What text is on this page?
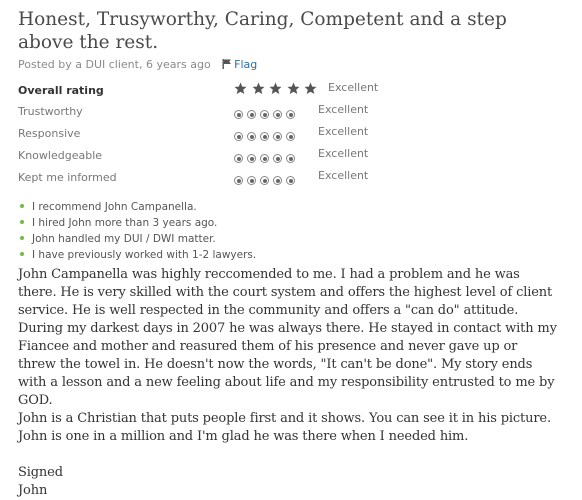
Honest, Trusyworthy, Caring, Competent and a step above the rest.
Posted by a DUI client, 6 years ago Flag
Overall rating	Excellent
Trustworthy	Excellent
Responsive	Excellent
Knowledgeable	Excellent
Kept me informed	Excellent
I recommend John Campanella.
I hired John more than 3 years ago.
John handled my DUI / DWI matter.
I have previously worked with 1-2 lawyers.

John Campanella was highly reccomended to me. I had a problem and he was there. He is very skilled with the court system and offers the highest level of client service. He is well respected in the community and offers a "can do" attitude. During my darkest days in 2007 he was always there. He stayed in contact with my Fiancee and mother and reasured them of his presence and never gave up or threw the towel in. He doesn't now the words, "It can't be done". My story ends with a lesson and a new feeling about life and my responsibility entrusted to me by GOD.

John is a Christian that puts people first and it shows. You can see it in his picture. John is one in a million and I'm glad he was there when I needed him.

Signed

John
